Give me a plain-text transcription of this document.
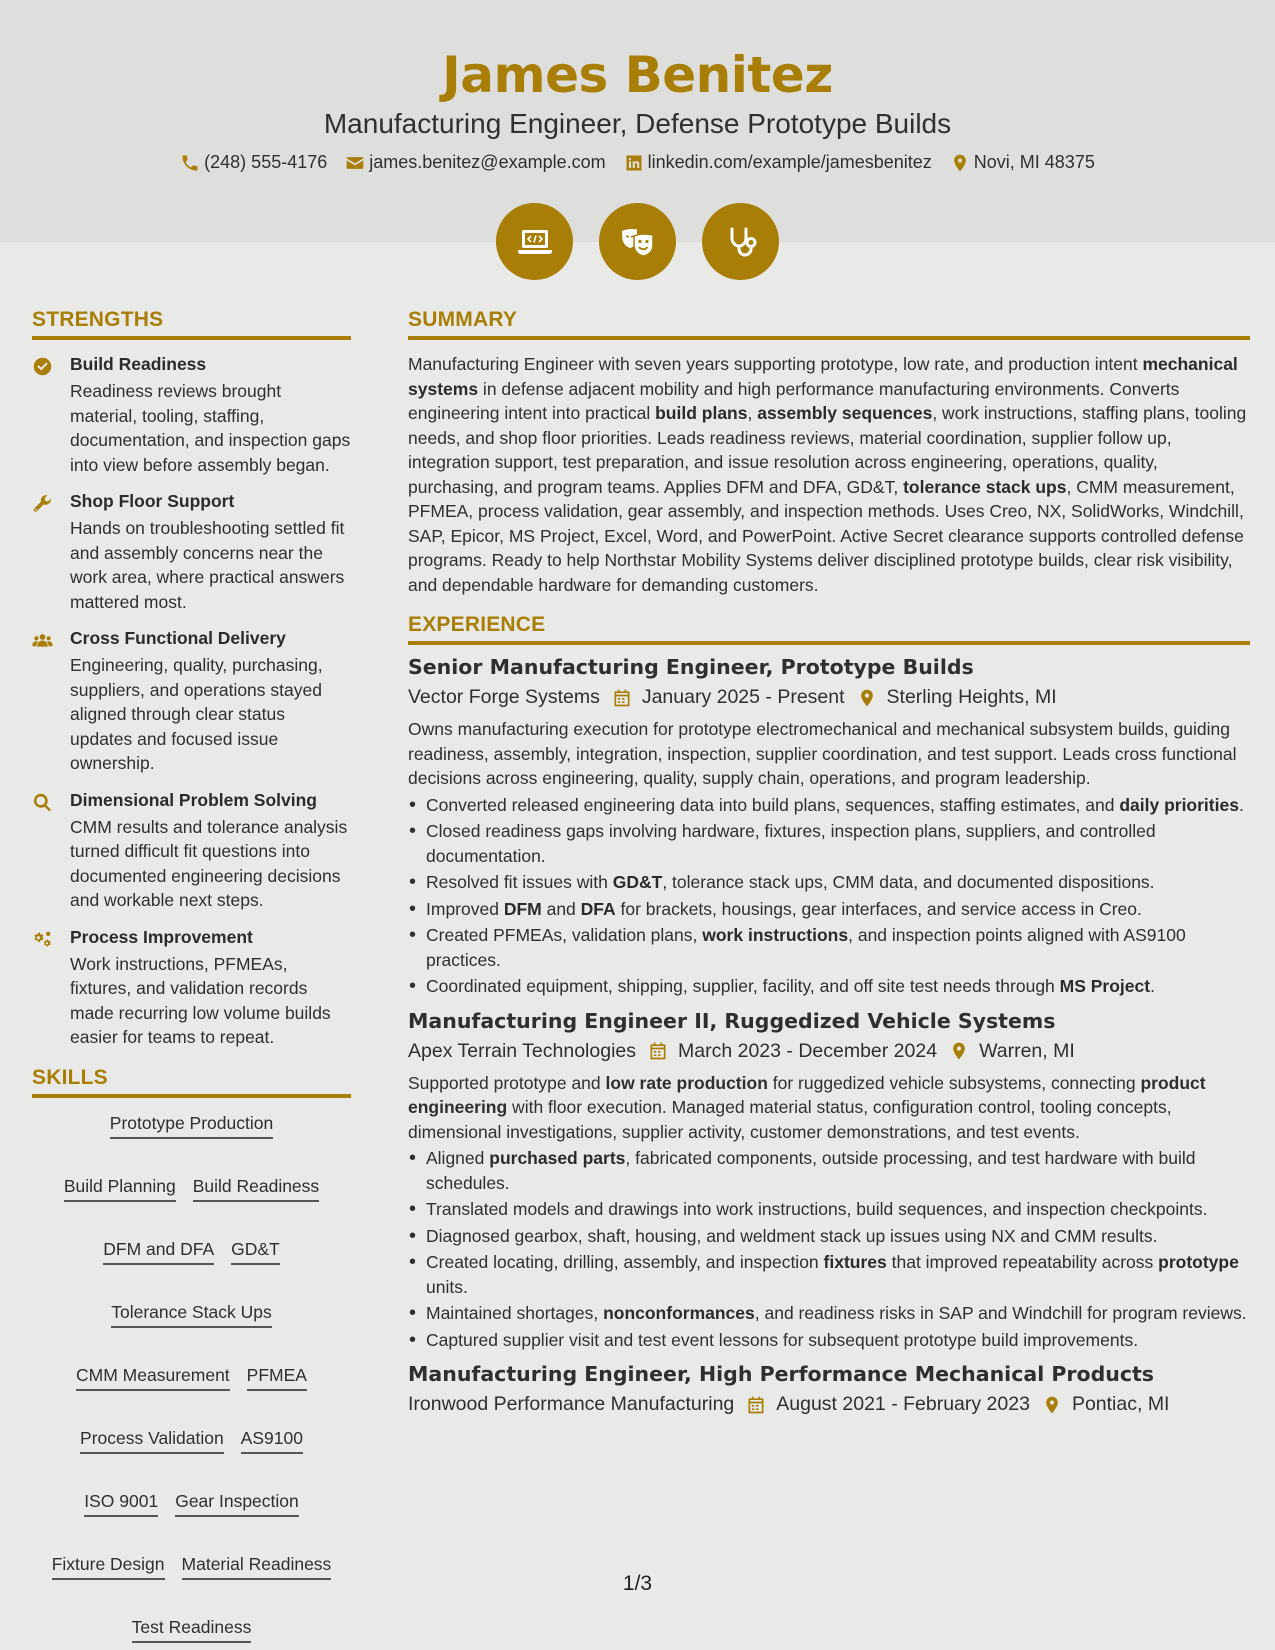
James Benitez
Manufacturing Engineer, Defense Prototype Builds
(248) 555-4176 james.benitez@example.com linkedin.com/example/jamesbenitez Novi, MI 48375
STRENGTHS
Build Readiness
Readiness reviews brought material, tooling, staffing, documentation, and inspection gaps into view before assembly began.
Shop Floor Support
Hands on troubleshooting settled fit and assembly concerns near the work area, where practical answers mattered most.
Cross Functional Delivery
Engineering, quality, purchasing, suppliers, and operations stayed aligned through clear status updates and focused issue ownership.
Dimensional Problem Solving
CMM results and tolerance analysis turned difficult fit questions into documented engineering decisions and workable next steps.
Process Improvement
Work instructions, PFMEAs, fixtures, and validation records made recurring low volume builds easier for teams to repeat.
SKILLS
Prototype Production
Build Planning Build Readiness
DFM and DFA GD&T
Tolerance Stack Ups
CMM Measurement PFMEA
Process Validation AS9100
ISO 9001 Gear Inspection
Fixture Design Material Readiness
Test Readiness
SUMMARY
Manufacturing Engineer with seven years supporting prototype, low rate, and production intent mechanical systems in defense adjacent mobility and high performance manufacturing environments. Converts engineering intent into practical build plans, assembly sequences, work instructions, staffing plans, tooling needs, and shop floor priorities. Leads readiness reviews, material coordination, supplier follow up, integration support, test preparation, and issue resolution across engineering, operations, quality, purchasing, and program teams. Applies DFM and DFA, GD&T, tolerance stack ups, CMM measurement, PFMEA, process validation, gear assembly, and inspection methods. Uses Creo, NX, SolidWorks, Windchill, SAP, Epicor, MS Project, Excel, Word, and PowerPoint. Active Secret clearance supports controlled defense programs. Ready to help Northstar Mobility Systems deliver disciplined prototype builds, clear risk visibility, and dependable hardware for demanding customers.
EXPERIENCE
Senior Manufacturing Engineer, Prototype Builds
Vector Forge Systems January 2025 - Present Sterling Heights, MI
Owns manufacturing execution for prototype electromechanical and mechanical subsystem builds, guiding readiness, assembly, integration, inspection, supplier coordination, and test support. Leads cross functional decisions across engineering, quality, supply chain, operations, and program leadership.
• Converted released engineering data into build plans, sequences, staffing estimates, and daily priorities.
• Closed readiness gaps involving hardware, fixtures, inspection plans, suppliers, and controlled documentation.
• Resolved fit issues with GD&T, tolerance stack ups, CMM data, and documented dispositions.
• Improved DFM and DFA for brackets, housings, gear interfaces, and service access in Creo.
• Created PFMEAs, validation plans, work instructions, and inspection points aligned with AS9100 practices.
• Coordinated equipment, shipping, supplier, facility, and off site test needs through MS Project.
Manufacturing Engineer II, Ruggedized Vehicle Systems
Apex Terrain Technologies March 2023 - December 2024 Warren, MI
Supported prototype and low rate production for ruggedized vehicle subsystems, connecting product engineering with floor execution. Managed material status, configuration control, tooling concepts, dimensional investigations, supplier activity, customer demonstrations, and test events.
• Aligned purchased parts, fabricated components, outside processing, and test hardware with build schedules.
• Translated models and drawings into work instructions, build sequences, and inspection checkpoints.
• Diagnosed gearbox, shaft, housing, and weldment stack up issues using NX and CMM results.
• Created locating, drilling, assembly, and inspection fixtures that improved repeatability across prototype units.
• Maintained shortages, nonconformances, and readiness risks in SAP and Windchill for program reviews.
• Captured supplier visit and test event lessons for subsequent prototype build improvements.
Manufacturing Engineer, High Performance Mechanical Products
Ironwood Performance Manufacturing August 2021 - February 2023 Pontiac, MI
1/3
